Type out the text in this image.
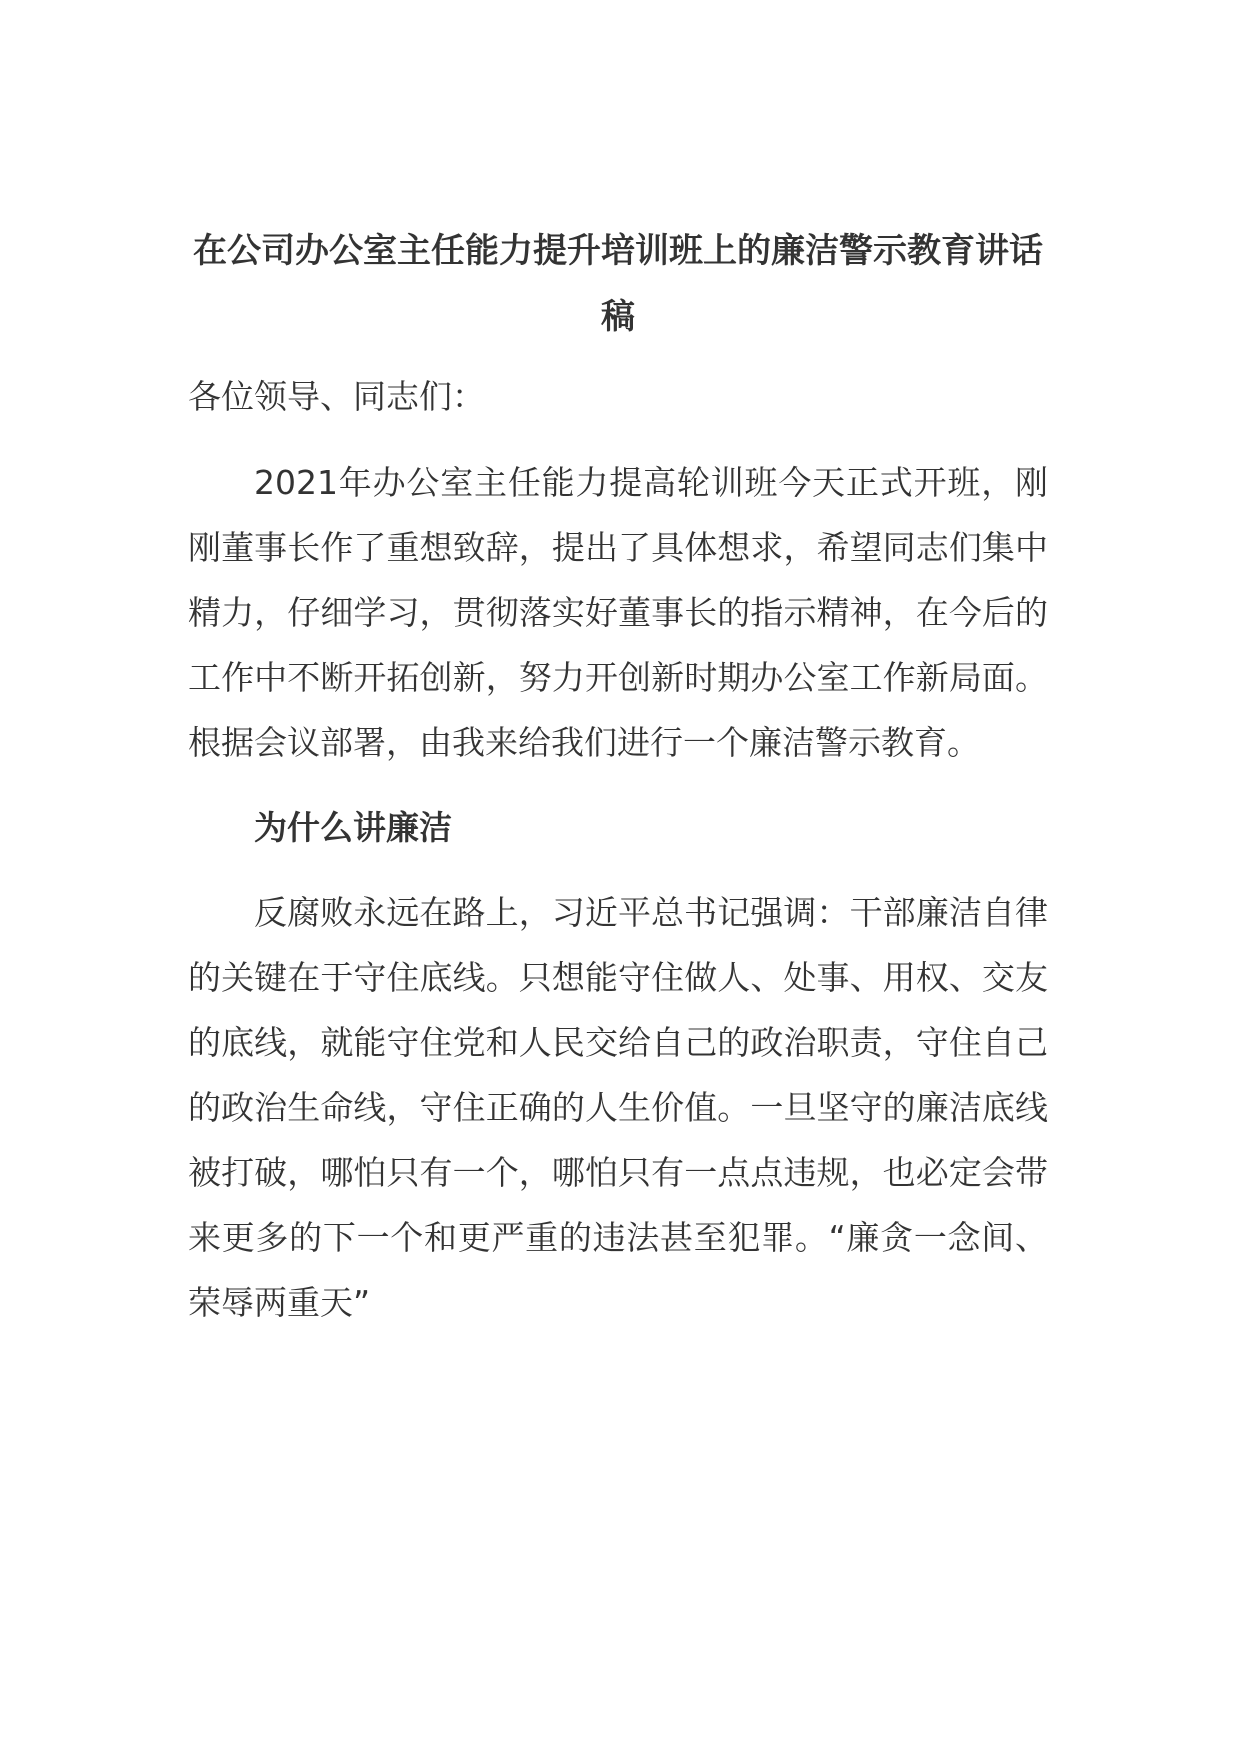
在公司办公室主任能力提升培训班上的廉洁警示教育讲话稿

各位领导、同志们：

2021年办公室主任能力提高轮训班今天正式开班，刚刚董事长作了重想致辞，提出了具体想求，希望同志们集中精力，仔细学习，贯彻落实好董事长的指示精神，在今后的工作中不断开拓创新，努力开创新时期办公室工作新局面。根据会议部署，由我来给我们进行一个廉洁警示教育。

为什么讲廉洁

反腐败永远在路上，习近平总书记强调：干部廉洁自律的关键在于守住底线。只想能守住做人、处事、用权、交友的底线，就能守住党和人民交给自己的政治职责，守住自己的政治生命线，守住正确的人生价值。一旦坚守的廉洁底线被打破，哪怕只有一个，哪怕只有一点点违规，也必定会带来更多的下一个和更严重的违法甚至犯罪。“廉贪一念间、荣辱两重天”
